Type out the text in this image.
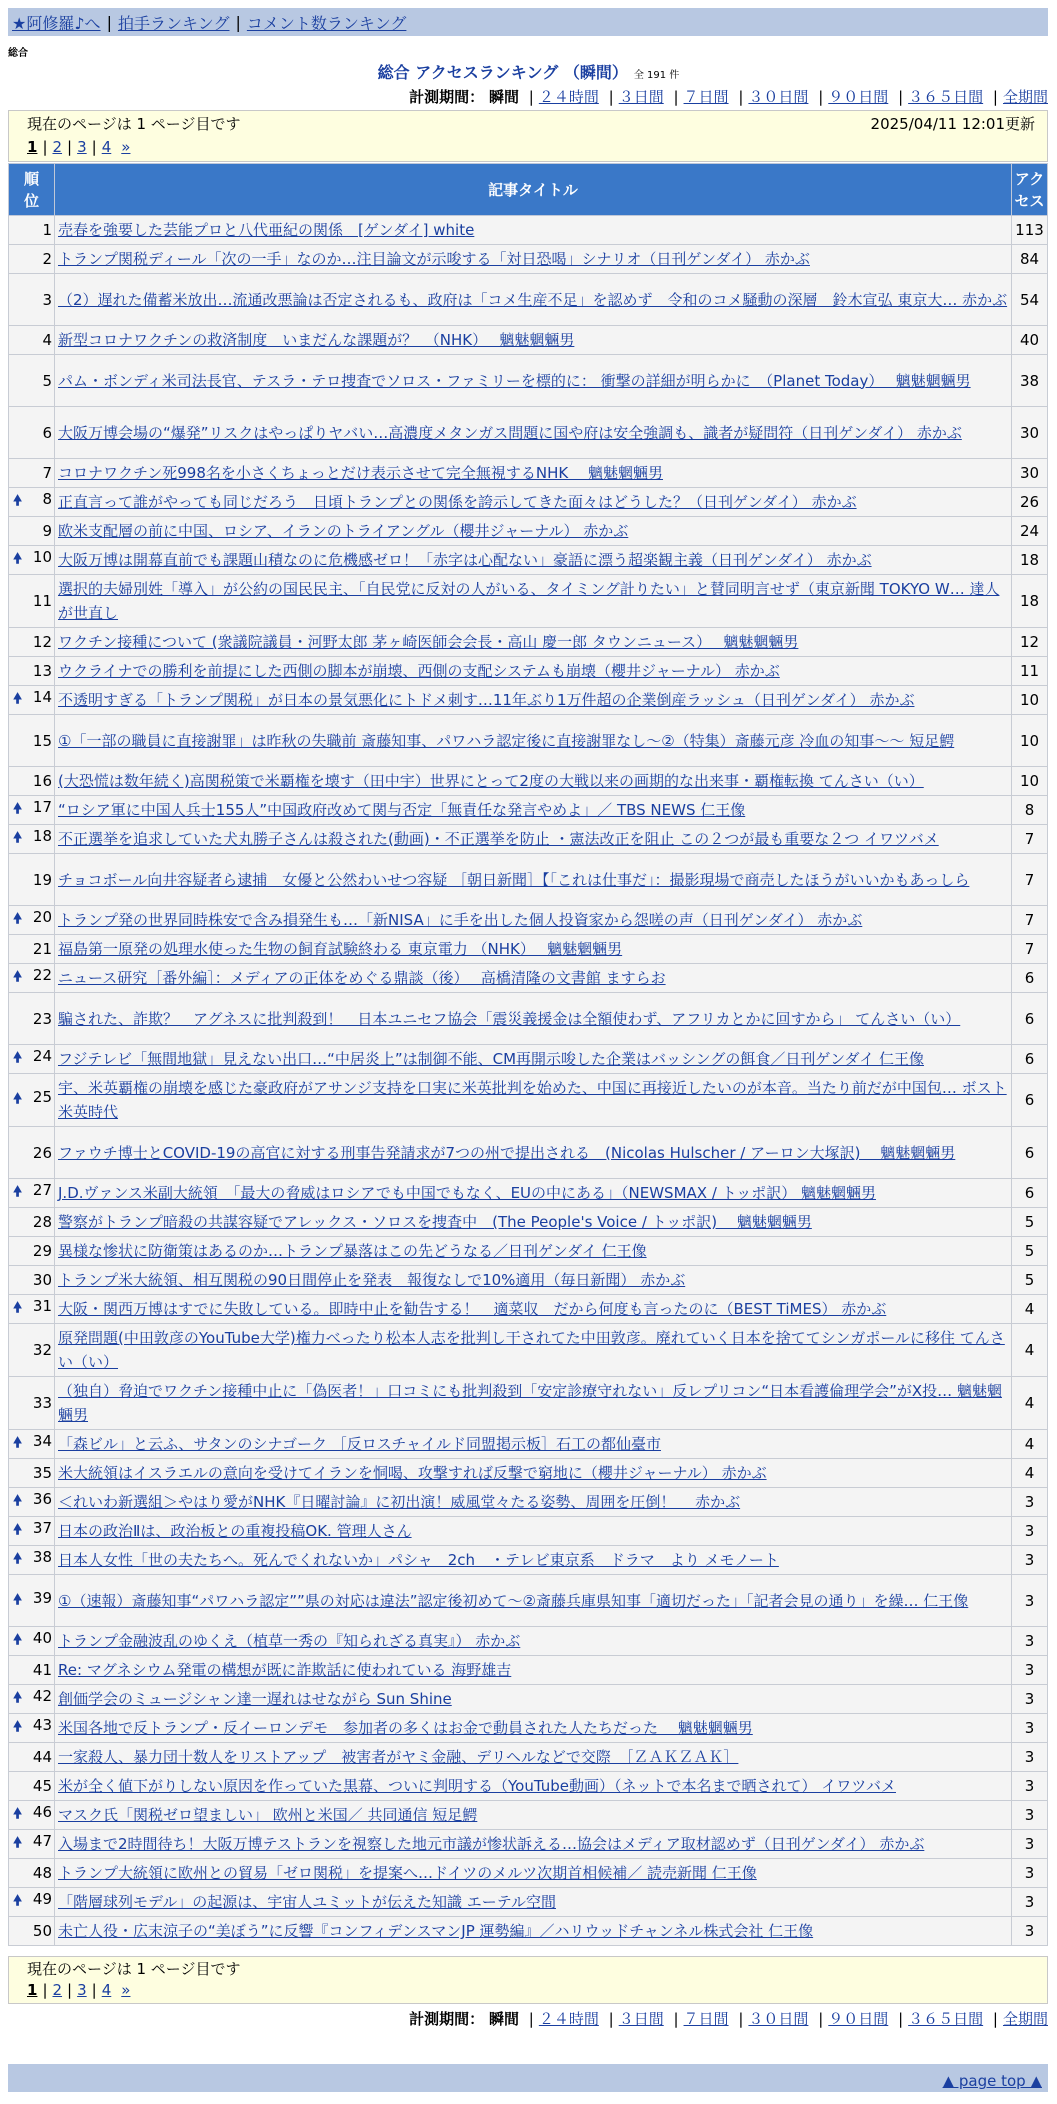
★阿修羅♪へ | 拍手ランキング | コメント数ランキング
総合
総合 アクセスランキング （瞬間） 全 191 件
計測期間： 瞬間 | ２４時間 | ３日間 | ７日間 | ３０日間 | ９０日間 | ３６５日間 | 全期間
現在のページは 1 ページ目です	2025/04/11 12:01更新
1 | 2 | 3 | 4 »
順位	記事タイトル	アクセス
1	売春を強要した芸能プロと八代亜紀の関係　[ゲンダイ] white	113
2	トランプ関税ディール「次の一手」なのか…注目論文が示唆する「対日恐喝」シナリオ（日刊ゲンダイ） 赤かぶ	84
3	（2）遅れた備蓄米放出…流通改悪論は否定されるも、政府は「コメ生産不足」を認めず　令和のコメ騒動の深層　鈴木宣弘 東京大… 赤かぶ	54
4	新型コロナワクチンの救済制度　いまだんな課題が？　（NHK）　 魑魅魍魎男	40
5	パム・ボンディ米司法長官、テスラ・テロ捜査でソロス・ファミリーを標的に： 衝撃の詳細が明らかに　（Planet Today）　 魑魅魍魎男	38
6	大阪万博会場の“爆発”リスクはやっぱりヤバい…高濃度メタンガス問題に国や府は安全強調も、識者が疑問符（日刊ゲンダイ） 赤かぶ	30
7	コロナワクチン死998名を小さくちょっとだけ表示させて完全無視するNHK　 魑魅魍魎男	30

🠝 8	正直言って誰がやっても同じだろう　日頃トランプとの関係を誇示してきた面々はどうした？（日刊ゲンダイ） 赤かぶ	26
9	欧米支配層の前に中国、ロシア、イランのトライアングル（櫻井ジャーナル） 赤かぶ	24

🠝 10	大阪万博は開幕直前でも課題山積なのに危機感ゼロ！「赤字は心配ない」豪語に漂う超楽観主義（日刊ゲンダイ） 赤かぶ	18
11	選択的夫婦別姓「導入」が公約の国民民主、「自民党に反対の人がいる、タイミング計りたい」と賛同明言せず（東京新聞 TOKYO W… 達人が世直し	18
12	ワクチン接種について (衆議院議員・河野太郎 茅ヶ崎医師会会長・高山 慶一郎 タウンニュース）　 魑魅魍魎男	12
13	ウクライナでの勝利を前提にした西側の脚本が崩壊、西側の支配システムも崩壊（櫻井ジャーナル） 赤かぶ	11

🠝 14	不透明すぎる「トランプ関税」が日本の景気悪化にトドメ刺す…11年ぶり1万件超の企業倒産ラッシュ（日刊ゲンダイ） 赤かぶ	10
15	①「一部の職員に直接謝罪」は昨秋の失職前 斎藤知事、パワハラ認定後に直接謝罪なし～②（特集）斎藤元彦 冷血の知事～～ 短足鰐	10
16	(大恐慌は数年続く)高関税策で米覇権を壊す（田中宇）世界にとって2度の大戦以来の画期的な出来事・覇権転換 てんさい（い）	10

🠝 17	“ロシア軍に中国人兵士155人”中国政府改めて関与否定「無責任な発言やめよ」／ TBS NEWS 仁王像	8

🠝 18	不正選挙を追求していた犬丸勝子さんは殺された(動画)・不正選挙を防止 ・憲法改正を阻止 この２つが最も重要な２つ イワツバメ	7
19	チョコボール向井容疑者ら逮捕　女優と公然わいせつ容疑 ［朝日新聞］【「これは仕事だ」：撮影現場で商売したほうがいいかもあっしら	7

🠝 20	トランプ発の世界同時株安で含み損発生も…「新NISA」に手を出した個人投資家から怨嗟の声（日刊ゲンダイ） 赤かぶ	7
21	福島第一原発の処理水使った生物の飼育試験終わる 東京電力 （NHK）　 魑魅魍魎男	7

🠝 22	ニュース研究［番外編］：メディアの正体をめぐる鼎談（後）　 高橋清隆の文書館 ますらお	6
23	騙された、詐欺？　アグネスに批判殺到！　日本ユニセフ協会「震災義援金は全額使わず、アフリカとかに回すから」 てんさい（い）	6

🠝 24	フジテレビ「無間地獄」見えない出口…“中居炎上”は制御不能、CM再開示唆した企業はバッシングの餌食／日刊ゲンダイ 仁王像	6

🠝 25	宇、米英覇権の崩壊を感じた豪政府がアサンジ支持を口実に米英批判を始めた、中国に再接近したいのが本音。当たり前だが中国包… ボスト米英時代	6
26	ファウチ博士とCOVID-19の高官に対する刑事告発請求が7つの州で提出される　(Nicolas Hulscher / アーロン大塚訳)　 魑魅魍魎男	6

🠝 27	J.D.ヴァンス米副大統領　「最大の脅威はロシアでも中国でもなく、EUの中にある」（NEWSMAX / トッポ訳） 魑魅魍魎男	6
28	警察がトランプ暗殺の共謀容疑でアレックス・ソロスを捜査中　(The People's Voice / トッポ訳)　 魑魅魍魎男	5
29	異様な惨状に防衛策はあるのか…トランプ暴落はこの先どうなる／日刊ゲンダイ 仁王像	5
30	トランプ米大統領、相互関税の90日間停止を発表　報復なしで10%適用（毎日新聞） 赤かぶ	5

🠝 31	大阪・関西万博はすでに失敗している。即時中止を勧告する！　適菜収　だから何度も言ったのに（BEST TiMES） 赤かぶ	4
32	原発問題(中田敦彦のYouTube大学)権力べったり松本人志を批判し干されてた中田敦彦。廃れていく日本を捨ててシンガポールに移住 てんさい（い）	4
33	（独自）脅迫でワクチン接種中止に「偽医者！」口コミにも批判殺到「安定診療守れない」反レプリコン“日本看護倫理学会”がX投… 魑魅魍魎男	4

🠝 34	「森ビル」と云ふ、サタンのシナゴーク ［反ロスチャイルド同盟掲示板］石工の都仙臺市	4
35	米大統領はイスラエルの意向を受けてイランを恫喝、攻撃すれば反撃で窮地に（櫻井ジャーナル） 赤かぶ	4

🠝 36	＜れいわ新選組＞やはり愛がNHK『日曜討論』に初出演！威風堂々たる姿勢、周囲を圧倒！　 赤かぶ	3

🠝 37	日本の政治Ⅱは、政治板との重複投稿OK. 管理人さん	3

🠝 38	日本人女性「世の夫たちへ。死んでくれないか」パシャ　2ch　・テレビ東京系　ドラマ　より メモノート	3

🠝 39	①（速報）斎藤知事“パワハラ認定””県の対応は違法”認定後初めて～②斎藤兵庫県知事「適切だった」「記者会見の通り」を繰… 仁王像	3

🠝 40	トランプ金融波乱のゆくえ（植草一秀の『知られざる真実』） 赤かぶ	3
41	Re: マグネシウム発電の構想が既に詐欺話に使われている 海野雄吉	3

🠝 42	創価学会のミュージシャン達一遅れはせながら Sun Shine	3

🠝 43	米国各地で反トランプ・反イーロンデモ　参加者の多くはお金で動員された人たちだった　 魑魅魍魎男	3
44	一家殺人、暴力団十数人をリストアップ　被害者がヤミ金融、デリヘルなどで交際　［ＺＡＫＺＡＫ］	3
45	米が全く値下がりしない原因を作っていた黒幕、ついに判明する（YouTube動画）（ネットで本名まで晒されて） イワツバメ	3

🠝 46	マスク氏「関税ゼロ望ましい」 欧州と米国／ 共同通信 短足鰐	3

🠝 47	入場まで2時間待ち！大阪万博テストランを視察した地元市議が惨状訴える…協会はメディア取材認めず（日刊ゲンダイ） 赤かぶ	3
48	トランプ大統領に欧州との貿易「ゼロ関税」を提案へ…ドイツのメルツ次期首相候補／ 読売新聞 仁王像	3

🠝 49	「階層球列モデル」の起源は、宇宙人ユミットが伝えた知識 エーテル空間	3
50	未亡人役・広末涼子の“美ぼう”に反響『コンフィデンスマンJP 運勢編』／ハリウッドチャンネル株式会社 仁王像	3
現在のページは 1 ページ目です
1 | 2 | 3 | 4 »
計測期間： 瞬間 | ２４時間 | ３日間 | ７日間 | ３０日間 | ９０日間 | ３６５日間 | 全期間
▲ page top ▲
